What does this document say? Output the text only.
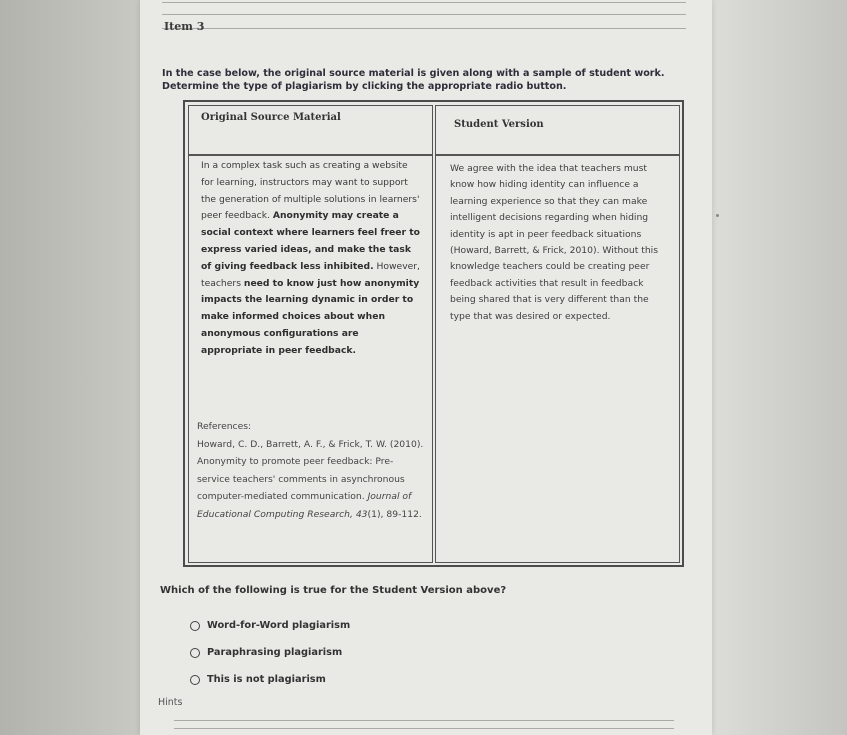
Item 3
In the case below, the original source material is given along with a sample of student work.
Determine the type of plagiarism by clicking the appropriate radio button.
Original Source Material
Student Version
In a complex task such as creating a website for learning, instructors may want to support the generation of multiple solutions in learners' peer feedback. Anonymity may create a social context where learners feel freer to express varied ideas, and make the task of giving feedback less inhibited. However, teachers need to know just how anonymity impacts the learning dynamic in order to make informed choices about when anonymous configurations are appropriate in peer feedback.
References:
Howard, C. D., Barrett, A. F., & Frick, T. W. (2010). Anonymity to promote peer feedback: Pre-service teachers' comments in asynchronous computer-mediated communication. Journal of Educational Computing Research, 43(1), 89-112.
We agree with the idea that teachers must know how hiding identity can influence a learning experience so that they can make intelligent decisions regarding when hiding identity is apt in peer feedback situations (Howard, Barrett, & Frick, 2010). Without this knowledge teachers could be creating peer feedback activities that result in feedback being shared that is very different than the type that was desired or expected.
Which of the following is true for the Student Version above?
Word-for-Word plagiarism
Paraphrasing plagiarism
This is not plagiarism
Hints
